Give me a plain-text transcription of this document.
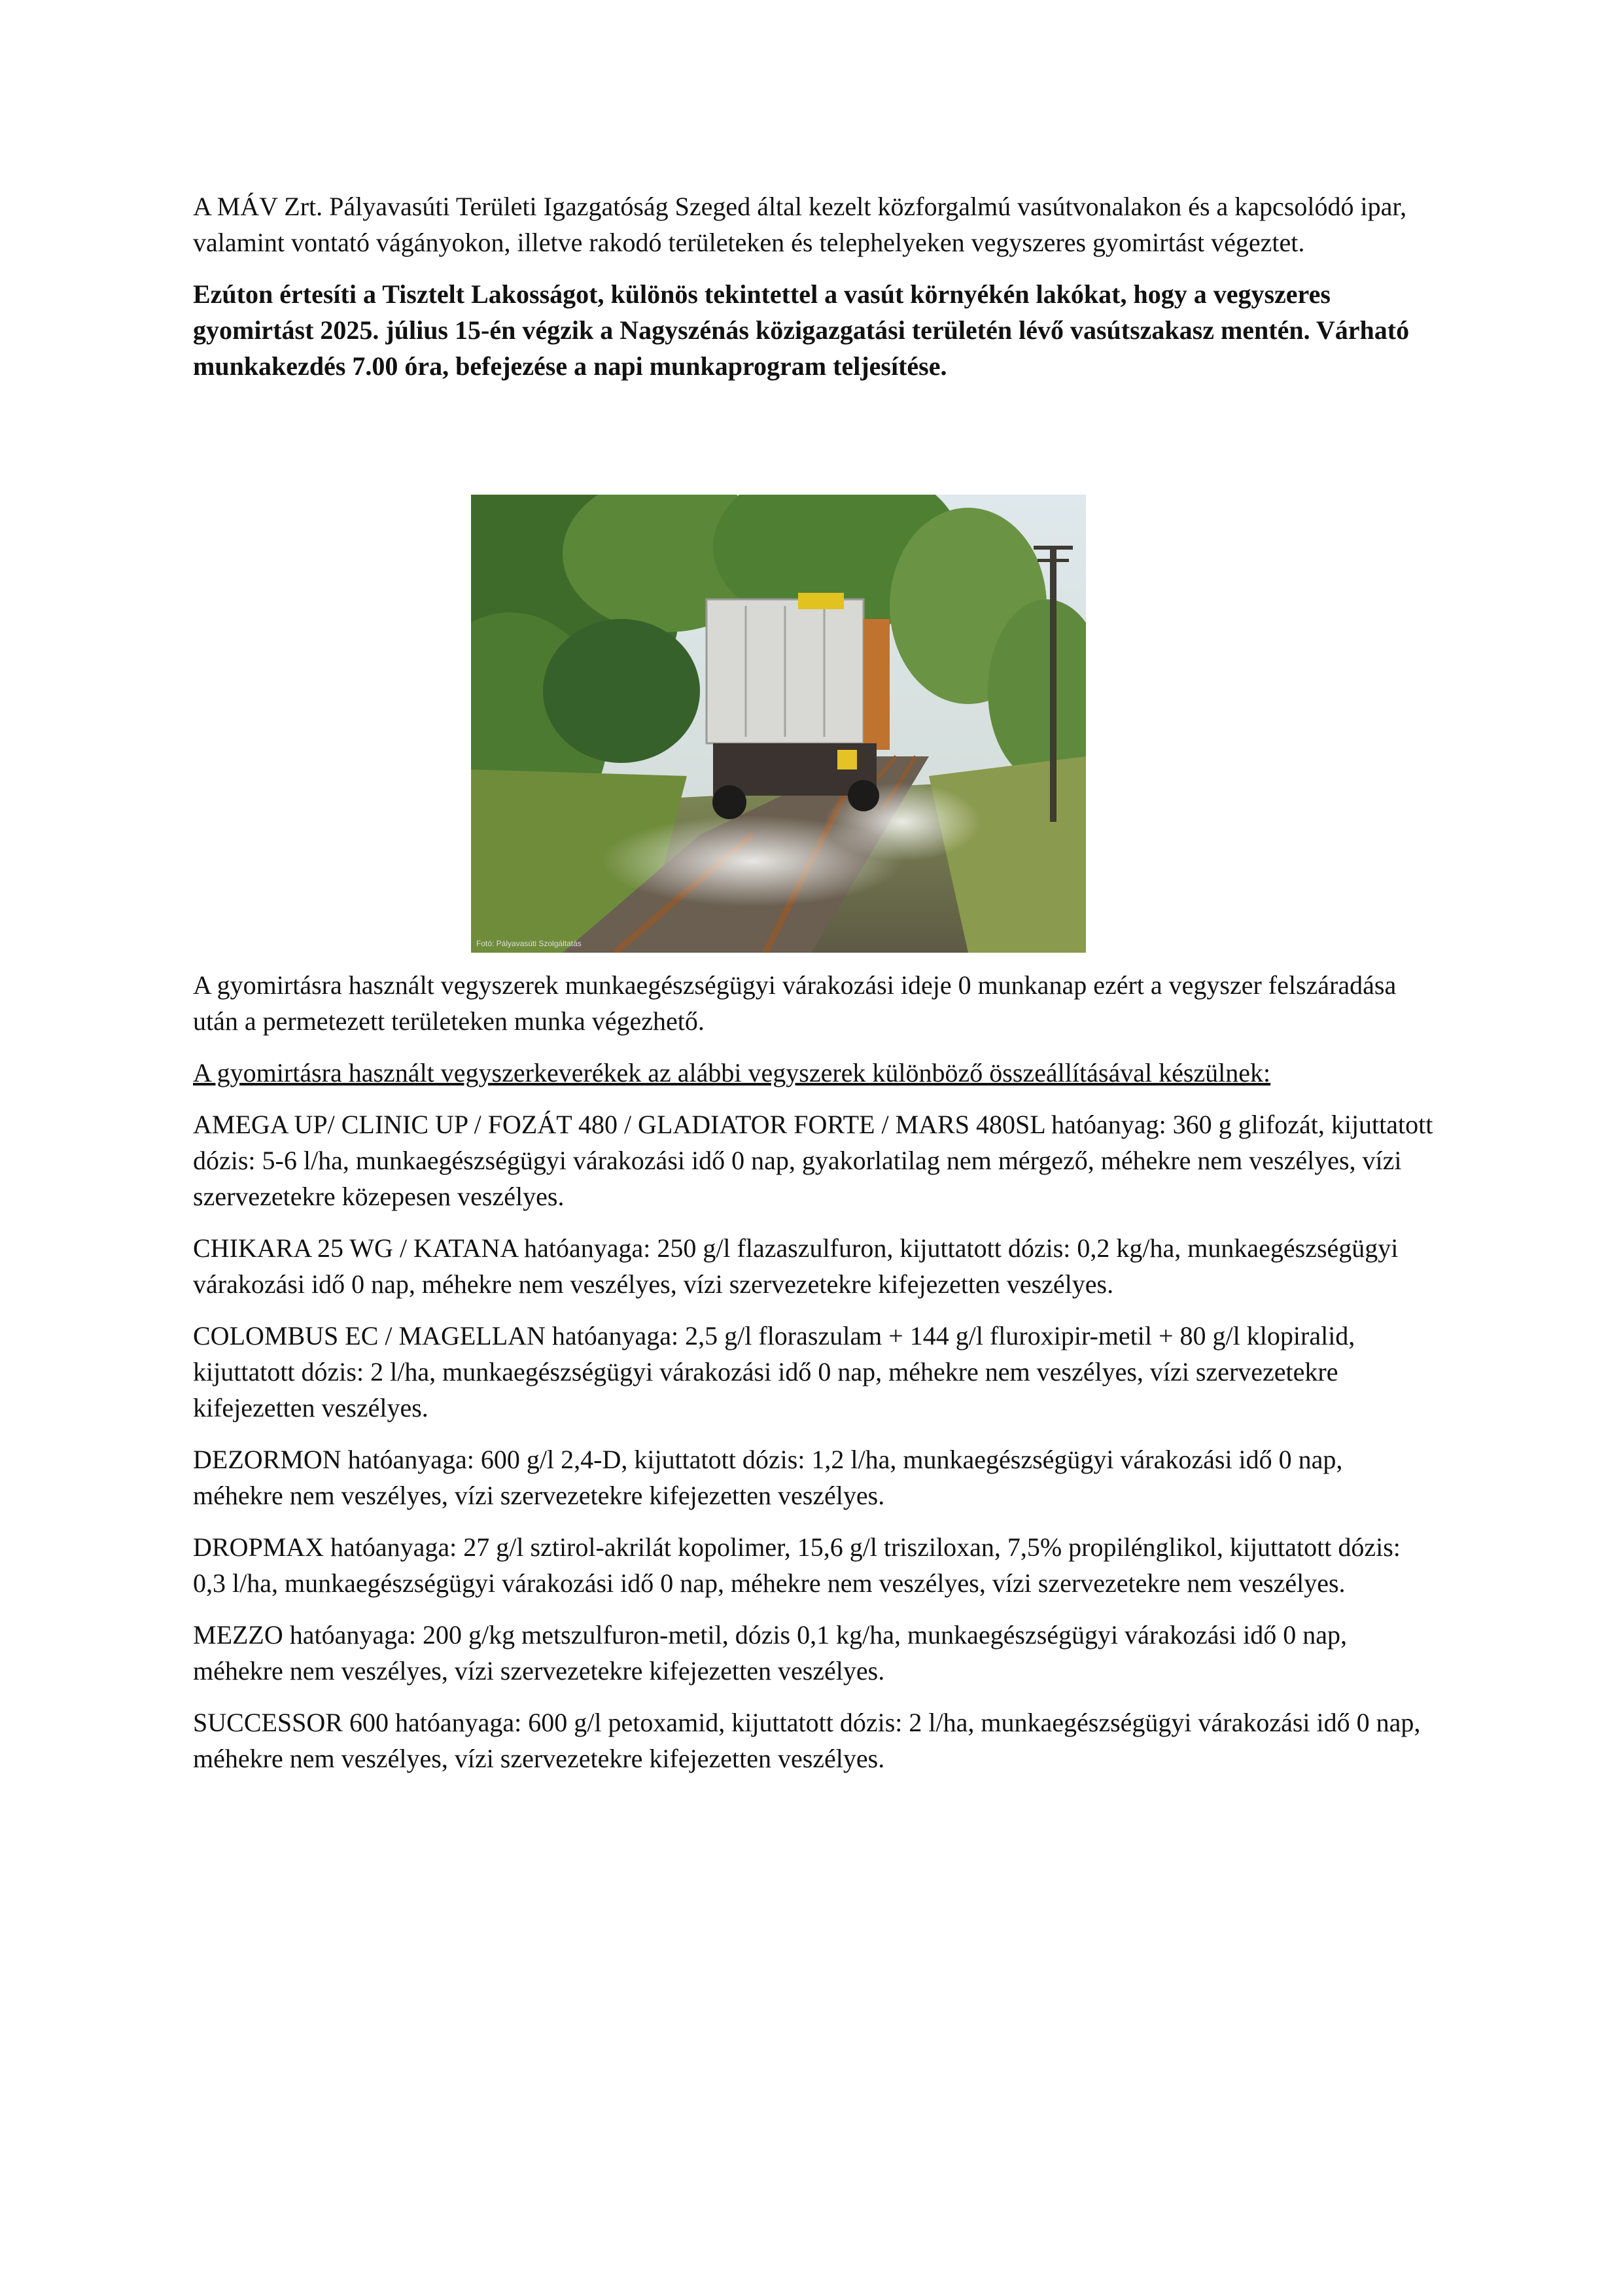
A MÁV Zrt. Pályavasúti Területi Igazgatóság Szeged által kezelt közforgalmú vasútvonalakon és a kapcsolódó ipar, valamint vontató vágányokon, illetve rakodó területeken és telephelyeken vegyszeres gyomirtást végeztet.

Ezúton értesíti a Tisztelt Lakosságot, különös tekintettel a vasút környékén lakókat, hogy a vegyszeres gyomirtást 2025. július 15-én végzik a Nagyszénás közigazgatási területén lévő vasútszakasz mentén. Várható munkakezdés 7.00 óra, befejezése a napi munkaprogram teljesítése.

Fotó: Pályavasúti Szolgáltatás

A gyomirtásra használt vegyszerek munkaegészségügyi várakozási ideje 0 munkanap ezért a vegyszer felszáradása után a permetezett területeken munka végezhető.

A gyomirtásra használt vegyszerkeverékek az alábbi vegyszerek különböző összeállításával készülnek:

AMEGA UP/ CLINIC UP / FOZÁT 480 / GLADIATOR FORTE / MARS 480SL hatóanyag: 360 g glifozát, kijuttatott dózis: 5-6 l/ha, munkaegészségügyi várakozási idő 0 nap, gyakorlatilag nem mérgező, méhekre nem veszélyes, vízi szervezetekre közepesen veszélyes.

CHIKARA 25 WG / KATANA hatóanyaga: 250 g/l flazaszulfuron, kijuttatott dózis: 0,2 kg/ha, munkaegészségügyi várakozási idő 0 nap, méhekre nem veszélyes, vízi szervezetekre kifejezetten veszélyes.

COLOMBUS EC / MAGELLAN hatóanyaga: 2,5 g/l floraszulam + 144 g/l fluroxipir-metil + 80 g/l klopiralid, kijuttatott dózis: 2 l/ha, munkaegészségügyi várakozási idő 0 nap, méhekre nem veszélyes, vízi szervezetekre kifejezetten veszélyes.

DEZORMON hatóanyaga: 600 g/l 2,4-D, kijuttatott dózis: 1,2 l/ha, munkaegészségügyi várakozási idő 0 nap, méhekre nem veszélyes, vízi szervezetekre kifejezetten veszélyes.

DROPMAX hatóanyaga: 27 g/l sztirol-akrilát kopolimer, 15,6 g/l trisziloxan, 7,5% propilénglikol, kijuttatott dózis: 0,3 l/ha, munkaegészségügyi várakozási idő 0 nap, méhekre nem veszélyes, vízi szervezetekre nem veszélyes.

MEZZO hatóanyaga: 200 g/kg metszulfuron-metil, dózis 0,1 kg/ha, munkaegészségügyi várakozási idő 0 nap, méhekre nem veszélyes, vízi szervezetekre kifejezetten veszélyes.

SUCCESSOR 600 hatóanyaga: 600 g/l petoxamid, kijuttatott dózis: 2 l/ha, munkaegészségügyi várakozási idő 0 nap, méhekre nem veszélyes, vízi szervezetekre kifejezetten veszélyes.
